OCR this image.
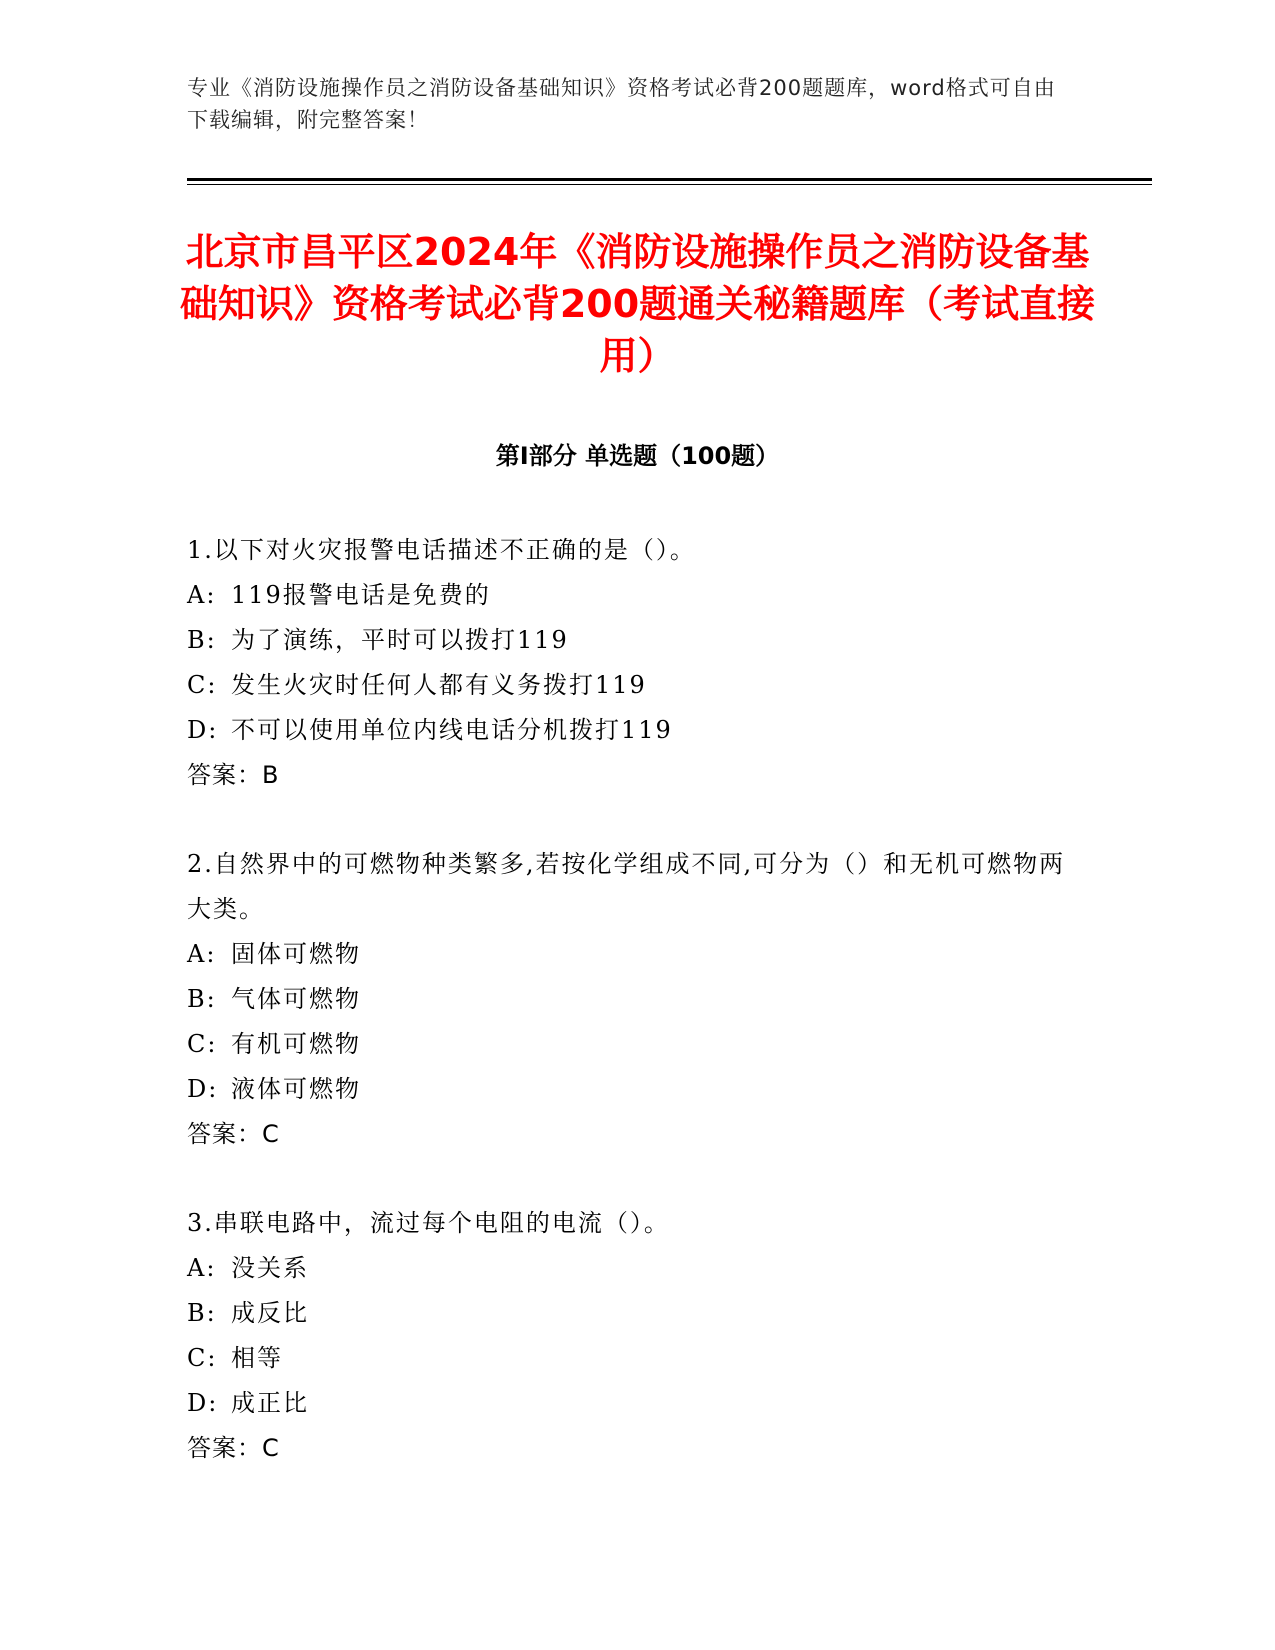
专业《消防设施操作员之消防设备基础知识》资格考试必背200题题库，word格式可自由下载编辑，附完整答案！
北京市昌平区2024年《消防设施操作员之消防设备基础知识》资格考试必背200题通关秘籍题库（考试直接用）
第Ⅰ部分 单选题（100题）
1.以下对火灾报警电话描述不正确的是（）。
A: 119报警电话是免费的
B: 为了演练，平时可以拨打119
C: 发生火灾时任何人都有义务拨打119
D: 不可以使用单位内线电话分机拨打119
答案：B
2.自然界中的可燃物种类繁多,若按化学组成不同,可分为（）和无机可燃物两大类。
A: 固体可燃物
B: 气体可燃物
C: 有机可燃物
D: 液体可燃物
答案：C
3.串联电路中，流过每个电阻的电流（）。
A: 没关系
B: 成反比
C: 相等
D: 成正比
答案：C
